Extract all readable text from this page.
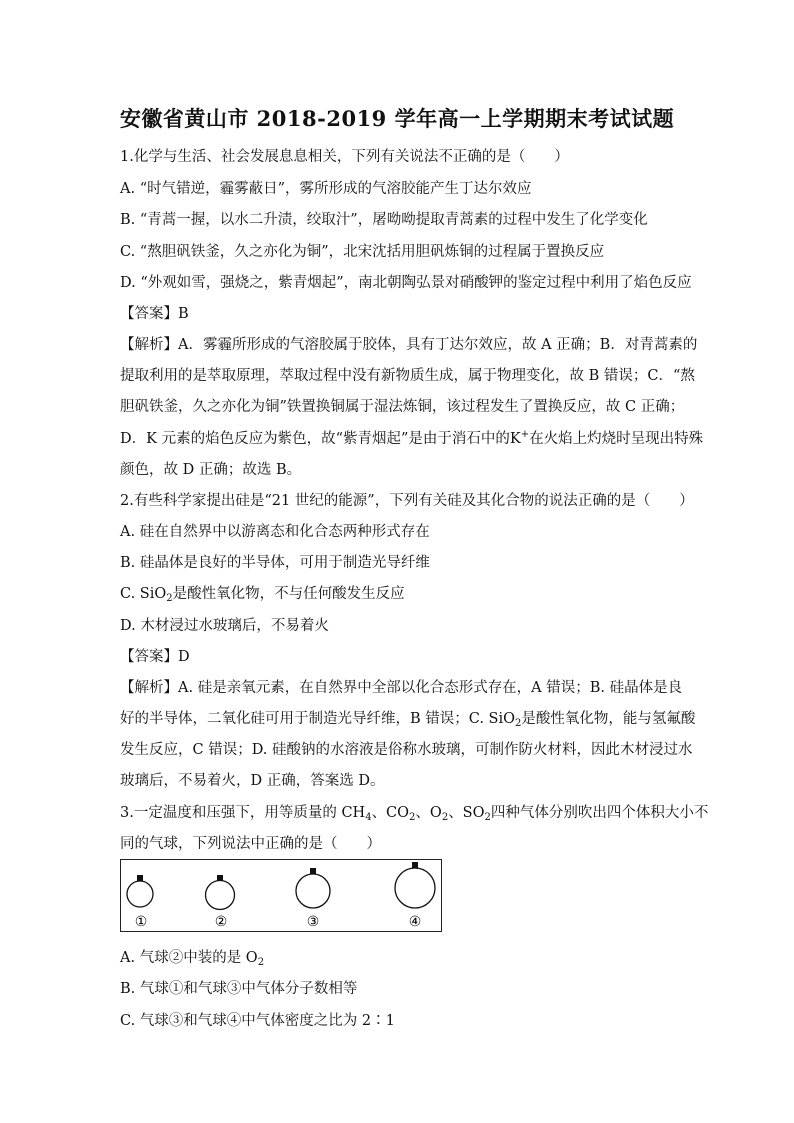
安徽省黄山市 2018-2019 学年高一上学期期末考试试题
1.化学与生活、社会发展息息相关，下列有关说法不正确的是（　　）
A. “时气错逆，霾雾蔽日”，雾所形成的气溶胶能产生丁达尔效应
B. “青蒿一握，以水二升渍，绞取汁”，屠呦呦提取青蒿素的过程中发生了化学变化
C. “熬胆矾铁釜，久之亦化为铜”，北宋沈括用胆矾炼铜的过程属于置换反应
D. “外观如雪，强烧之，紫青烟起”，南北朝陶弘景对硝酸钾的鉴定过程中利用了焰色反应
【答案】B
【解析】A．雾霾所形成的气溶胶属于胶体，具有丁达尔效应，故 A 正确；B．对青蒿素的
提取利用的是萃取原理，萃取过程中没有新物质生成，属于物理变化，故 B 错误；C．“熬
胆矾铁釜，久之亦化为铜”铁置换铜属于湿法炼铜，该过程发生了置换反应，故 C 正确；
D．K 元素的焰色反应为紫色，故“紫青烟起”是由于消石中的K+在火焰上灼烧时呈现出特殊
颜色，故 D 正确；故选 B。
2.有些科学家提出硅是“21 世纪的能源”，下列有关硅及其化合物的说法正确的是（　　）
A. 硅在自然界中以游离态和化合态两种形式存在
B. 硅晶体是良好的半导体，可用于制造光导纤维
C. SiO$_2$是酸性氧化物，不与任何酸发生反应
D. 木材浸过水玻璃后，不易着火
【答案】D
【解析】A. 硅是亲氧元素，在自然界中全部以化合态形式存在，A 错误；B. 硅晶体是良
好的半导体，二氧化硅可用于制造光导纤维，B 错误；C. SiO$_2$是酸性氧化物，能与氢氟酸
发生反应，C 错误；D. 硅酸钠的水溶液是俗称水玻璃，可制作防火材料，因此木材浸过水
玻璃后，不易着火，D 正确，答案选 D。
3.一定温度和压强下，用等质量的 $CH_4$、$CO_2$、$O_2$、$SO_2$四种气体分别吹出四个体积大小不
同的气球，下列说法中正确的是（　　）
①	②	③	④
A. 气球②中装的是 $O_2$
B. 气球①和气球③中气体分子数相等
C. 气球③和气球④中气体密度之比为 2∶1
